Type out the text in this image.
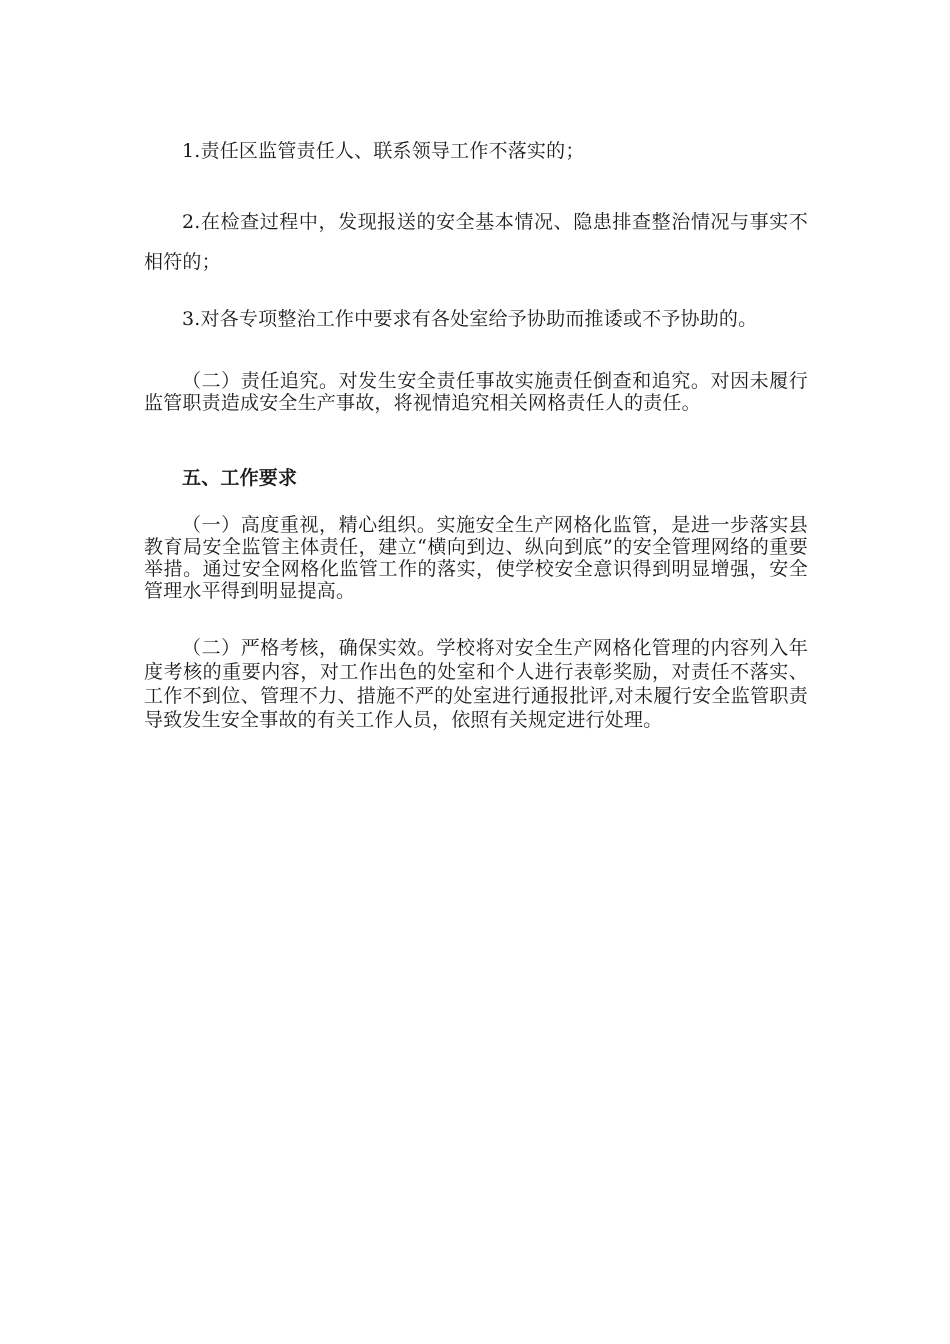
1.责任区监管责任人、联系领导工作不落实的；

2.在检查过程中，发现报送的安全基本情况、隐患排查整治情况与事实不相符的；

3.对各专项整治工作中要求有各处室给予协助而推诿或不予协助的。

（二）责任追究。对发生安全责任事故实施责任倒查和追究。对因未履行监管职责造成安全生产事故，将视情追究相关网格责任人的责任。

五、工作要求

（一）高度重视，精心组织。实施安全生产网格化监管，是进一步落实县教育局安全监管主体责任，建立“横向到边、纵向到底”的安全管理网络的重要举措。通过安全网格化监管工作的落实，使学校安全意识得到明显增强，安全管理水平得到明显提高。

（二）严格考核，确保实效。学校将对安全生产网格化管理的内容列入年度考核的重要内容，对工作出色的处室和个人进行表彰奖励，对责任不落实、工作不到位、管理不力、措施不严的处室进行通报批评,对未履行安全监管职责导致发生安全事故的有关工作人员，依照有关规定进行处理。
